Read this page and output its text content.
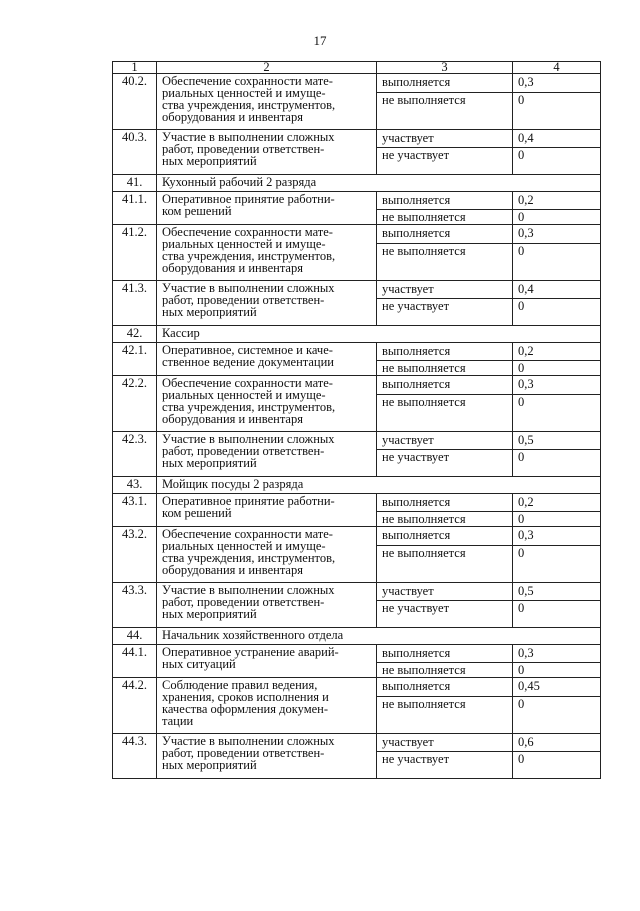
17
1	2	3	4
40.2.	Обеспечение сохранности мате-
риальных ценностей и имуще-
ства учреждения, инструментов,
оборудования и инвентаря	выполняется	0,3
		не выполняется	0
40.3.	Участие в выполнении сложных
работ, проведении ответствен-
ных мероприятий	участвует	0,4
		не участвует	0
41.	Кухонный рабочий 2 разряда		
41.1.	Оперативное принятие работни-
ком решений	выполняется	0,2
		не выполняется	0
41.2.	Обеспечение сохранности мате-
риальных ценностей и имуще-
ства учреждения, инструментов,
оборудования и инвентаря	выполняется	0,3
		не выполняется	0
41.3.	Участие в выполнении сложных
работ, проведении ответствен-
ных мероприятий	участвует	0,4
		не участвует	0
42.	Кассир		
42.1.	Оперативное, системное и каче-
ственное ведение документации	выполняется	0,2
		не выполняется	0
42.2.	Обеспечение сохранности мате-
риальных ценностей и имуще-
ства учреждения, инструментов,
оборудования и инвентаря	выполняется	0,3
		не выполняется	0
42.3.	Участие в выполнении сложных
работ, проведении ответствен-
ных мероприятий	участвует	0,5
		не участвует	0
43.	Мойщик посуды 2 разряда		
43.1.	Оперативное принятие работни-
ком решений	выполняется	0,2
		не выполняется	0
43.2.	Обеспечение сохранности мате-
риальных ценностей и имуще-
ства учреждения, инструментов,
оборудования и инвентаря	выполняется	0,3
		не выполняется	0
43.3.	Участие в выполнении сложных
работ, проведении ответствен-
ных мероприятий	участвует	0,5
		не участвует	0
44.	Начальник хозяйственного отдела		
44.1.	Оперативное устранение аварий-
ных ситуаций	выполняется	0,3
		не выполняется	0
44.2.	Соблюдение правил ведения,
хранения, сроков исполнения и
качества оформления докумен-
тации	выполняется	0,45
		не выполняется	0
44.3.	Участие в выполнении сложных
работ, проведении ответствен-
ных мероприятий	участвует	0,6
		не участвует	0
